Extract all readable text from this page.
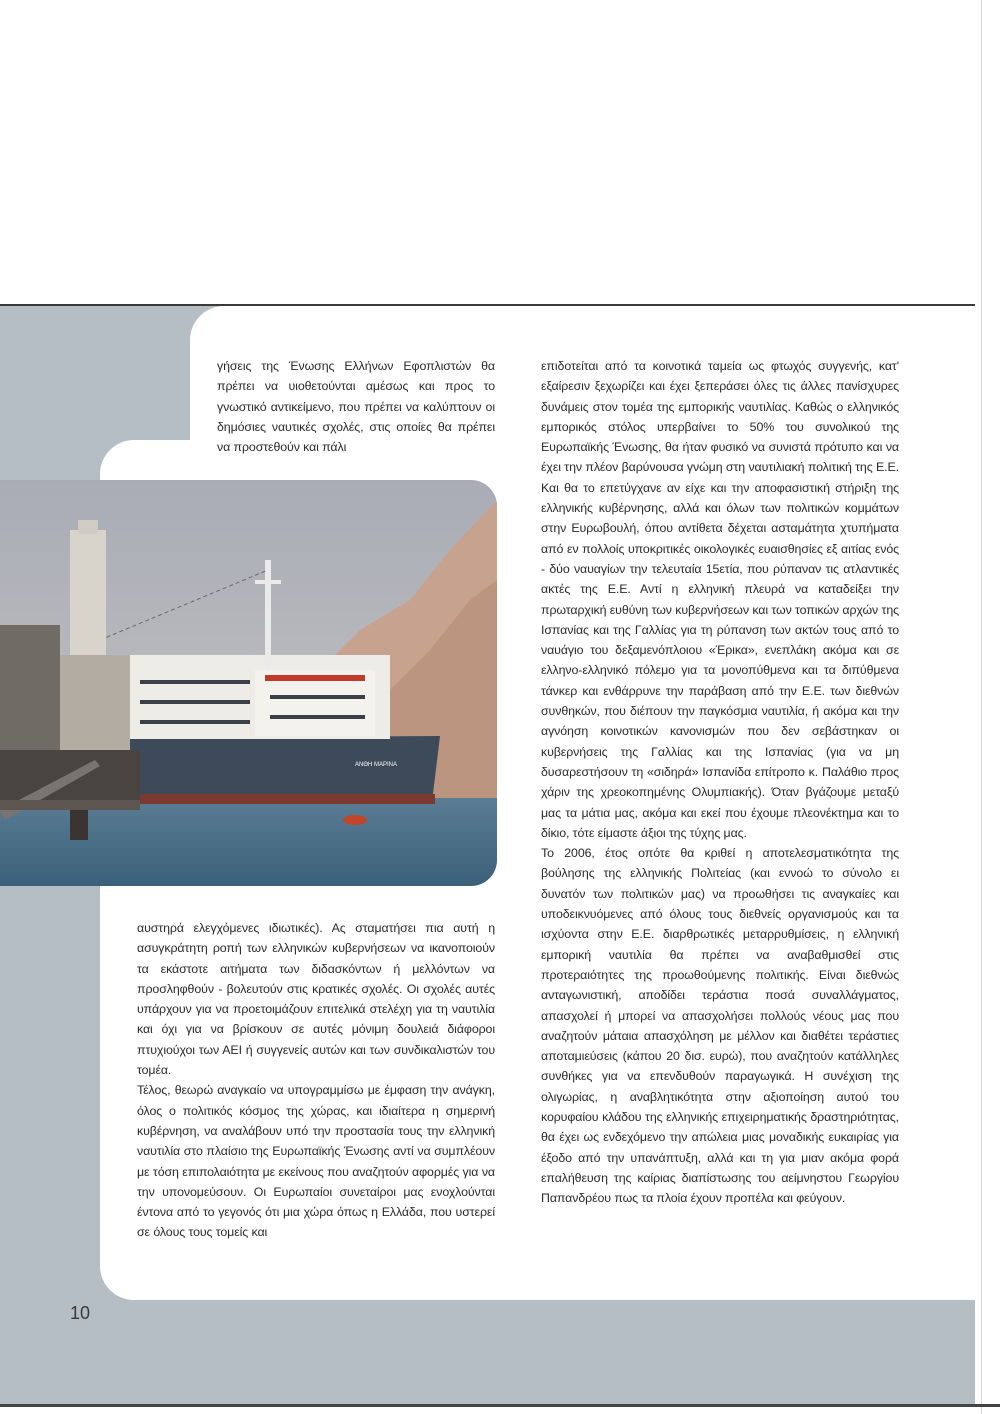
γήσεις της Ένωσης Ελλήνων Εφοπλιστών θα πρέπει να υιοθετούνται αμέσως και προς το γνωστικό αντικείμενο, που πρέπει να καλύπτουν οι δημόσιες ναυτικές σχολές, στις οποίες θα πρέπει να προστεθούν και πάλι

ΑΝΘΗ ΜΑΡΙΝΑ

αυστηρά ελεγχόμενες ιδιωτικές). Ας σταματήσει πια αυτή η ασυγκράτητη ροπή των ελληνικών κυβερνήσεων να ικανοποιούν τα εκάστοτε αιτήματα των διδασκόντων ή μελλόντων να προσληφθούν - βολευτούν στις κρατικές σχολές. Οι σχολές αυτές υπάρχουν για να προετοιμάζουν επιτελικά στελέχη για τη ναυτιλία και όχι για να βρίσκουν σε αυτές μόνιμη δουλειά διάφοροι πτυχιούχοι των ΑΕΙ ή συγγενείς αυτών και των συνδικαλιστών του τομέα.

Τέλος, θεωρώ αναγκαίο να υπογραμμίσω με έμφαση την ανάγκη, όλος ο πολιτικός κόσμος της χώρας, και ιδιαίτερα η σημερινή κυβέρνηση, να αναλάβουν υπό την προστασία τους την ελληνική ναυτιλία στο πλαίσιο της Ευρωπαϊκής Ένωσης αντί να συμπλέουν με τόση επιπολαιότητα με εκείνους που αναζητούν αφορμές για να την υπονομεύσουν. Οι Ευρωπαίοι συνεταίροι μας ενοχλούνται έντονα από το γεγονός ότι μια χώρα όπως η Ελλάδα, που υστερεί σε όλους τους τομείς και

επιδοτείται από τα κοινοτικά ταμεία ως φτωχός συγγενής, κατ' εξαίρεσιν ξεχωρίζει και έχει ξεπεράσει όλες τις άλλες πανίσχυρες δυνάμεις στον τομέα της εμπορικής ναυτιλίας. Καθώς ο ελληνικός εμπορικός στόλος υπερβαίνει το 50% του συνολικού της Ευρωπαϊκής Ένωσης, θα ήταν φυσικό να συνιστά πρότυπο και να έχει την πλέον βαρύνουσα γνώμη στη ναυτιλιακή πολιτική της Ε.Ε. Και θα το επετύγχανε αν είχε και την αποφασιστική στήριξη της ελληνικής κυβέρνησης, αλλά και όλων των πολιτικών κομμάτων στην Ευρωβουλή, όπου αντίθετα δέχεται ασταμάτητα χτυπήματα από εν πολλοίς υποκριτικές οικολογικές ευαισθησίες εξ αιτίας ενός - δύο ναυαγίων την τελευταία 15ετία, που ρύπαναν τις ατλαντικές ακτές της Ε.Ε. Αντί η ελληνική πλευρά να καταδείξει την πρωταρχική ευθύνη των κυβερνήσεων και των τοπικών αρχών της Ισπανίας και της Γαλλίας για τη ρύπανση των ακτών τους από το ναυάγιο του δεξαμενόπλοιου «Έρικα», ενεπλάκη ακόμα και σε ελληνο-ελληνικό πόλεμο για τα μονοπύθμενα και τα διπύθμενα τάνκερ και ενθάρρυνε την παράβαση από την Ε.Ε. των διεθνών συνθηκών, που διέπουν την παγκόσμια ναυτιλία, ή ακόμα και την αγνόηση κοινοτικών κανονισμών που δεν σεβάστηκαν οι κυβερνήσεις της Γαλλίας και της Ισπανίας (για να μη δυσαρεστήσουν τη «σιδηρά» Ισπανίδα επίτροπο κ. Παλάθιο προς χάριν της χρεοκοπημένης Ολυμπιακής). Όταν βγάζουμε μεταξύ μας τα μάτια μας, ακόμα και εκεί που έχουμε πλεονέκτημα και το δίκιο, τότε είμαστε άξιοι της τύχης μας.

Το 2006, έτος οπότε θα κριθεί η αποτελεσματικότητα της βούλησης της ελληνικής Πολιτείας (και εννοώ το σύνολο ει δυνατόν των πολιτικών μας) να προωθήσει τις αναγκαίες και υποδεικνυόμενες από όλους τους διεθνείς οργανισμούς και τα ισχύοντα στην Ε.Ε. διαρθρωτικές μεταρρυθμίσεις, η ελληνική εμπορική ναυτιλία θα πρέπει να αναβαθμισθεί στις προτεραιότητες της προωθούμενης πολιτικής. Είναι διεθνώς ανταγωνιστική, αποδίδει τεράστια ποσά συναλλάγματος, απασχολεί ή μπορεί να απασχολήσει πολλούς νέους μας που αναζητούν μάταια απασχόληση με μέλλον και διαθέτει τεράστιες αποταμιεύσεις (κάπου 20 δισ. ευρώ), που αναζητούν κατάλληλες συνθήκες για να επενδυθούν παραγωγικά. Η συνέχιση της ολιγωρίας, η αναβλητικότητα στην αξιοποίηση αυτού του κορυφαίου κλάδου της ελληνικής επιχειρηματικής δραστηριότητας, θα έχει ως ενδεχόμενο την απώλεια μιας μοναδικής ευκαιρίας για έξοδο από την υπανάπτυξη, αλλά και τη για μιαν ακόμα φορά επαλήθευση της καίριας διαπίστωσης του αείμνηστου Γεωργίου Παπανδρέου πως τα πλοία έχουν προπέλα και φεύγουν.

10
